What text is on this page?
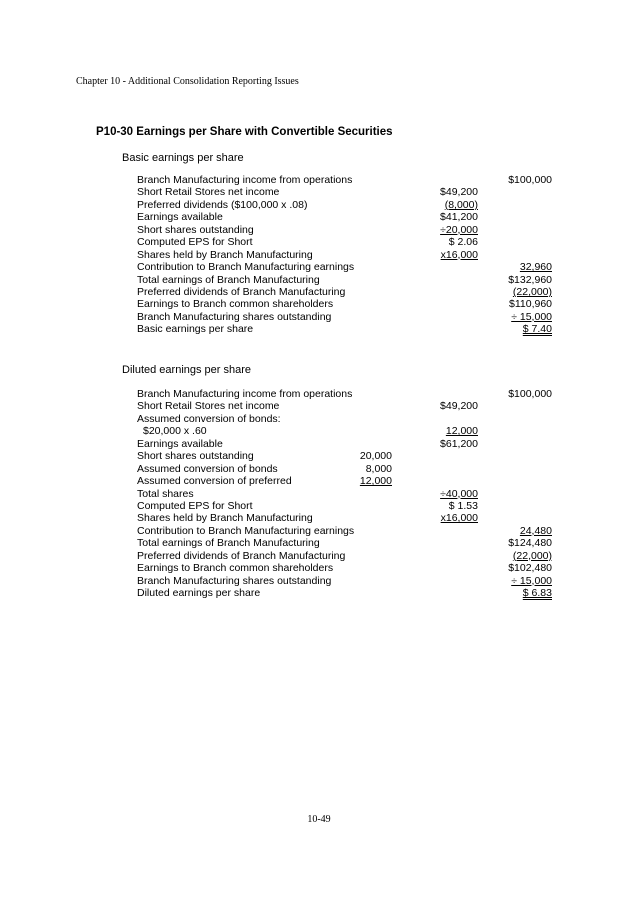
Chapter 10 - Additional Consolidation Reporting Issues
P10-30 Earnings per Share with Convertible Securities
Basic earnings per share
Branch Manufacturing income from operations	$100,000
Short Retail Stores net income	$49,200
Preferred dividends ($100,000 x .08)	(8,000)
Earnings available	$41,200
Short shares outstanding	÷20,000
Computed EPS for Short	$ 2.06
Shares held by Branch Manufacturing	x16,000
Contribution to Branch Manufacturing earnings	32,960
Total earnings of Branch Manufacturing	$132,960
Preferred dividends of Branch Manufacturing	(22,000)
Earnings to Branch common shareholders	$110,960
Branch Manufacturing shares outstanding	÷ 15,000
Basic earnings per share	$ 7.40
Diluted earnings per share
Branch Manufacturing income from operations	$100,000
Short Retail Stores net income	$49,200
Assumed conversion of bonds:
$20,000 x .60	12,000
Earnings available	$61,200
Short shares outstanding	20,000
Assumed conversion of bonds	8,000
Assumed conversion of preferred	12,000
Total shares	÷40,000
Computed EPS for Short	$ 1.53
Shares held by Branch Manufacturing	x16,000
Contribution to Branch Manufacturing earnings	24,480
Total earnings of Branch Manufacturing	$124,480
Preferred dividends of Branch Manufacturing	(22,000)
Earnings to Branch common shareholders	$102,480
Branch Manufacturing shares outstanding	÷ 15,000
Diluted earnings per share	$ 6.83
10-49
